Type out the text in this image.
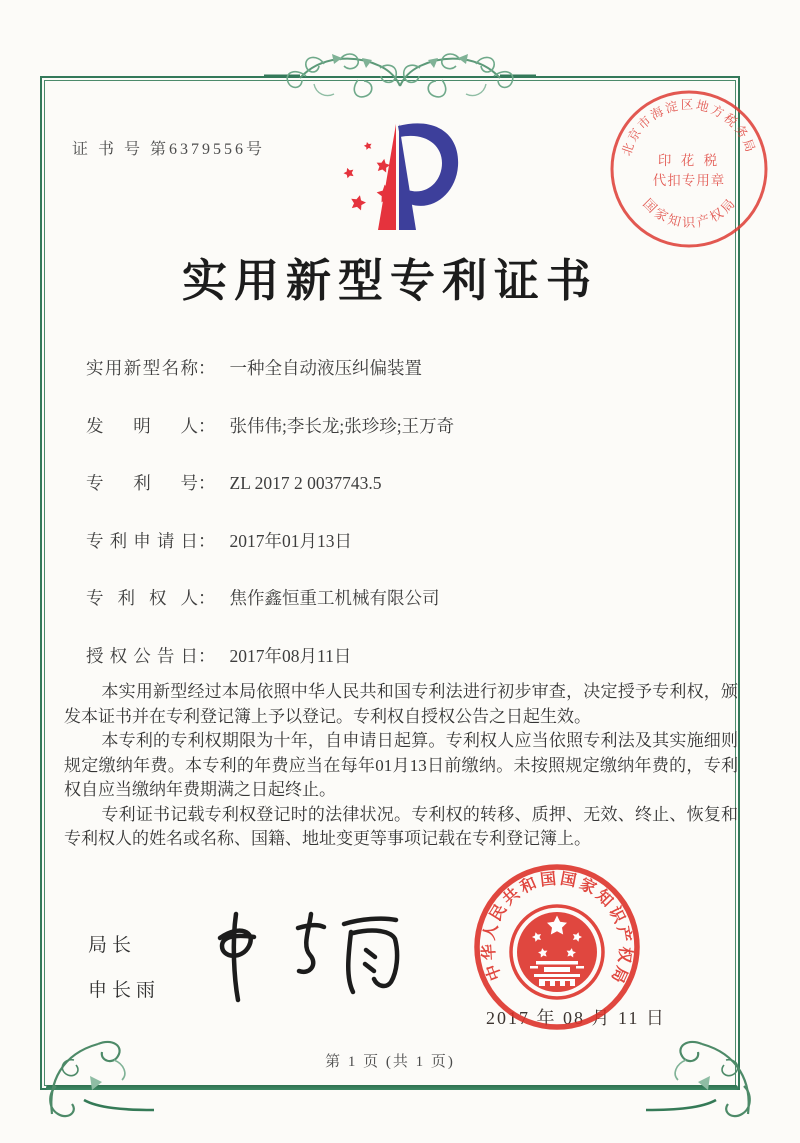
证 书 号 第6379556号	北京市海淀区地方税务局
国家知识产权局
印 花 税
代扣专用章
实用新型专利证书
实用新型名称： 一种全自动液压纠偏装置
发明人： 张伟伟;李长龙;张珍珍;王万奇
专利号： ZL 2017 2 0037743.5
专利申请日： 2017年01月13日
专利权人： 焦作鑫恒重工机械有限公司
授权公告日： 2017年08月11日

本实用新型经过本局依照中华人民共和国专利法进行初步审查，决定授予专利权，颁发本证书并在专利登记簿上予以登记。专利权自授权公告之日起生效。

本专利的专利权期限为十年，自申请日起算。专利权人应当依照专利法及其实施细则规定缴纳年费。本专利的年费应当在每年01月13日前缴纳。未按照规定缴纳年费的，专利权自应当缴纳年费期满之日起终止。

专利证书记载专利权登记时的法律状况。专利权的转移、质押、无效、终止、恢复和专利权人的姓名或名称、国籍、地址变更等事项记载在专利登记簿上。

局长
申长雨
2017 年 08 月 11 日
中华人民共和国国家知识产权局
第 1 页 (共 1 页)
